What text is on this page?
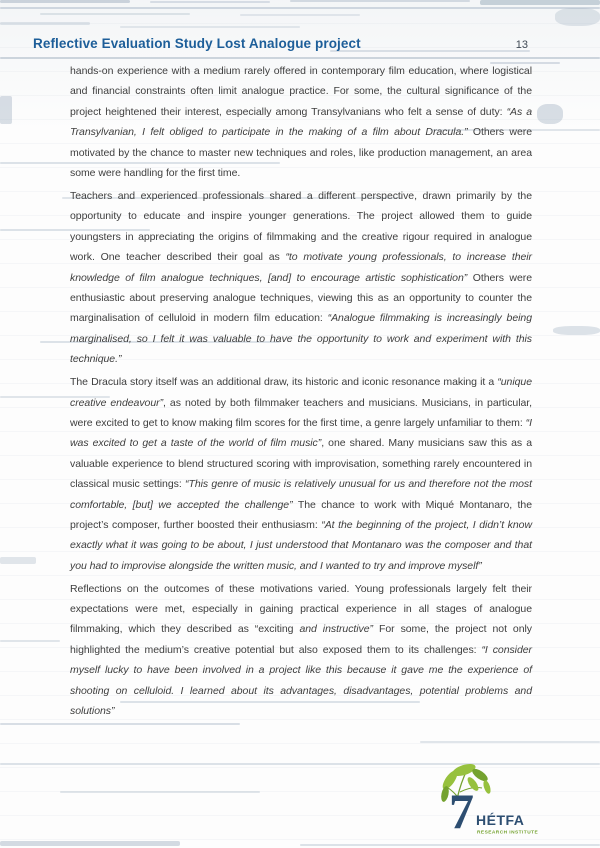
Reflective Evaluation Study Lost Analogue project	13

hands-on experience with a medium rarely offered in contemporary film education, where logistical and financial constraints often limit analogue practice. For some, the cultural significance of the project heightened their interest, especially among Transylvanians who felt a sense of duty: “As a Transylvanian, I felt obliged to participate in the making of a film about Dracula.” Others were motivated by the chance to master new techniques and roles, like production management, an area some were handling for the first time.

Teachers and experienced professionals shared a different perspective, drawn primarily by the opportunity to educate and inspire younger generations. The project allowed them to guide youngsters in appreciating the origins of filmmaking and the creative rigour required in analogue work. One teacher described their goal as “to motivate young professionals, to increase their knowledge of film analogue techniques, [and] to encourage artistic sophistication” Others were enthusiastic about preserving analogue techniques, viewing this as an opportunity to counter the marginalisation of celluloid in modern film education: “Analogue filmmaking is increasingly being marginalised, so I felt it was valuable to have the opportunity to work and experiment with this technique.”

The Dracula story itself was an additional draw, its historic and iconic resonance making it a “unique creative endeavour”, as noted by both filmmaker teachers and musicians. Musicians, in particular, were excited to get to know making film scores for the first time, a genre largely unfamiliar to them: “I was excited to get a taste of the world of film music”, one shared. Many musicians saw this as a valuable experience to blend structured scoring with improvisation, something rarely encountered in classical music settings: “This genre of music is relatively unusual for us and therefore not the most comfortable, [but] we accepted the challenge” The chance to work with Miqué Montanaro, the project’s composer, further boosted their enthusiasm: “At the beginning of the project, I didn’t know exactly what it was going to be about, I just understood that Montanaro was the composer and that you had to improvise alongside the written music, and I wanted to try and improve myself”

Reflections on the outcomes of these motivations varied. Young professionals largely felt their expectations were met, especially in gaining practical experience in all stages of analogue filmmaking, which they described as “exciting and instructive” For some, the project not only highlighted the medium’s creative potential but also exposed them to its challenges: “I consider myself lucky to have been involved in a project like this because it gave me the experience of shooting on celluloid. I learned about its advantages, disadvantages, potential problems and solutions”

7 HÉTFA
RESEARCH INSTITUTE
